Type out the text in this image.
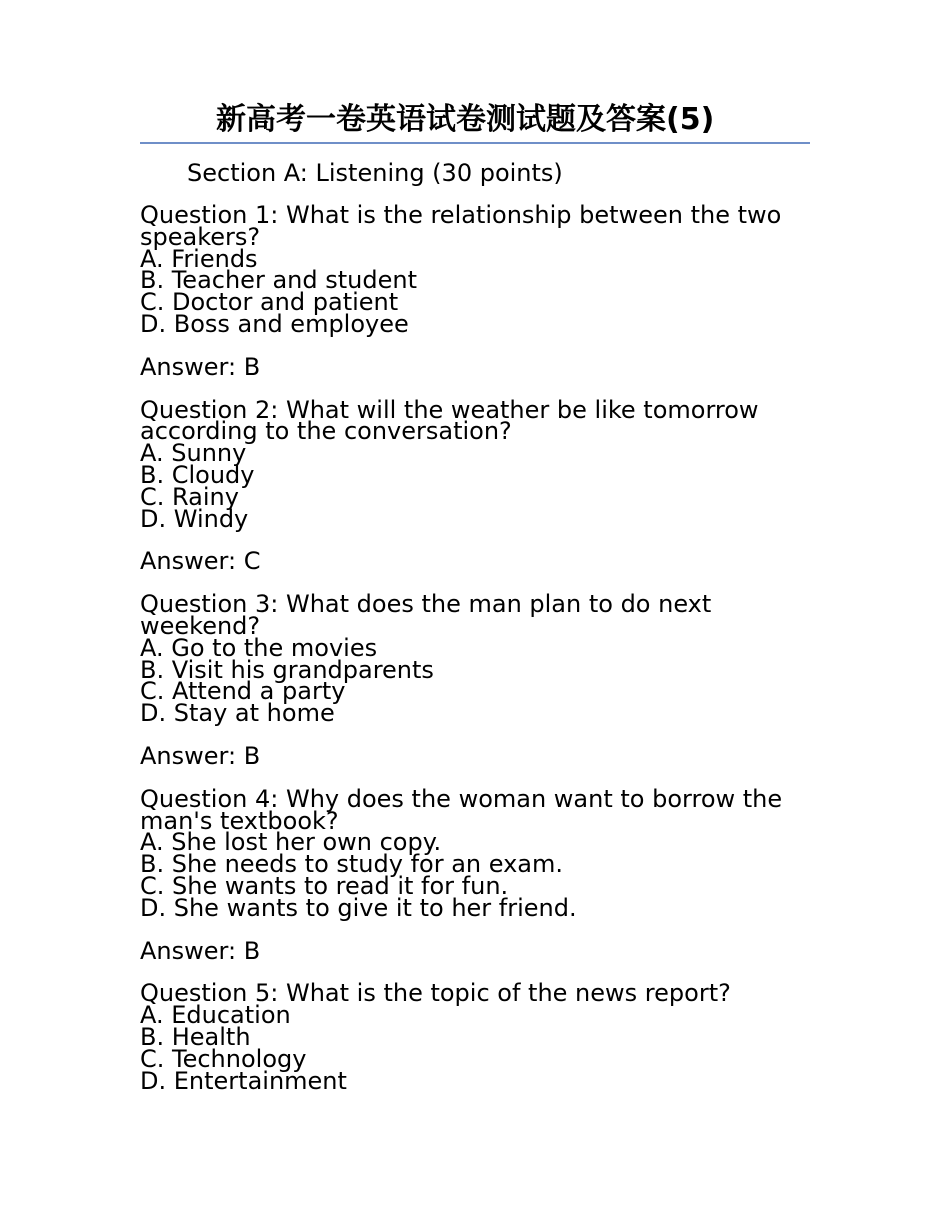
新高考一卷英语试卷测试题及答案(5)
Section A: Listening (30 points)
Question 1: What is the relationship between the two
speakers?
A. Friends
B. Teacher and student
C. Doctor and patient
D. Boss and employee
Answer: B
Question 2: What will the weather be like tomorrow
according to the conversation?
A. Sunny
B. Cloudy
C. Rainy
D. Windy
Answer: C
Question 3: What does the man plan to do next
weekend?
A. Go to the movies
B. Visit his grandparents
C. Attend a party
D. Stay at home
Answer: B
Question 4: Why does the woman want to borrow the
man's textbook?
A. She lost her own copy.
B. She needs to study for an exam.
C. She wants to read it for fun.
D. She wants to give it to her friend.
Answer: B
Question 5: What is the topic of the news report?
A. Education
B. Health
C. Technology
D. Entertainment
